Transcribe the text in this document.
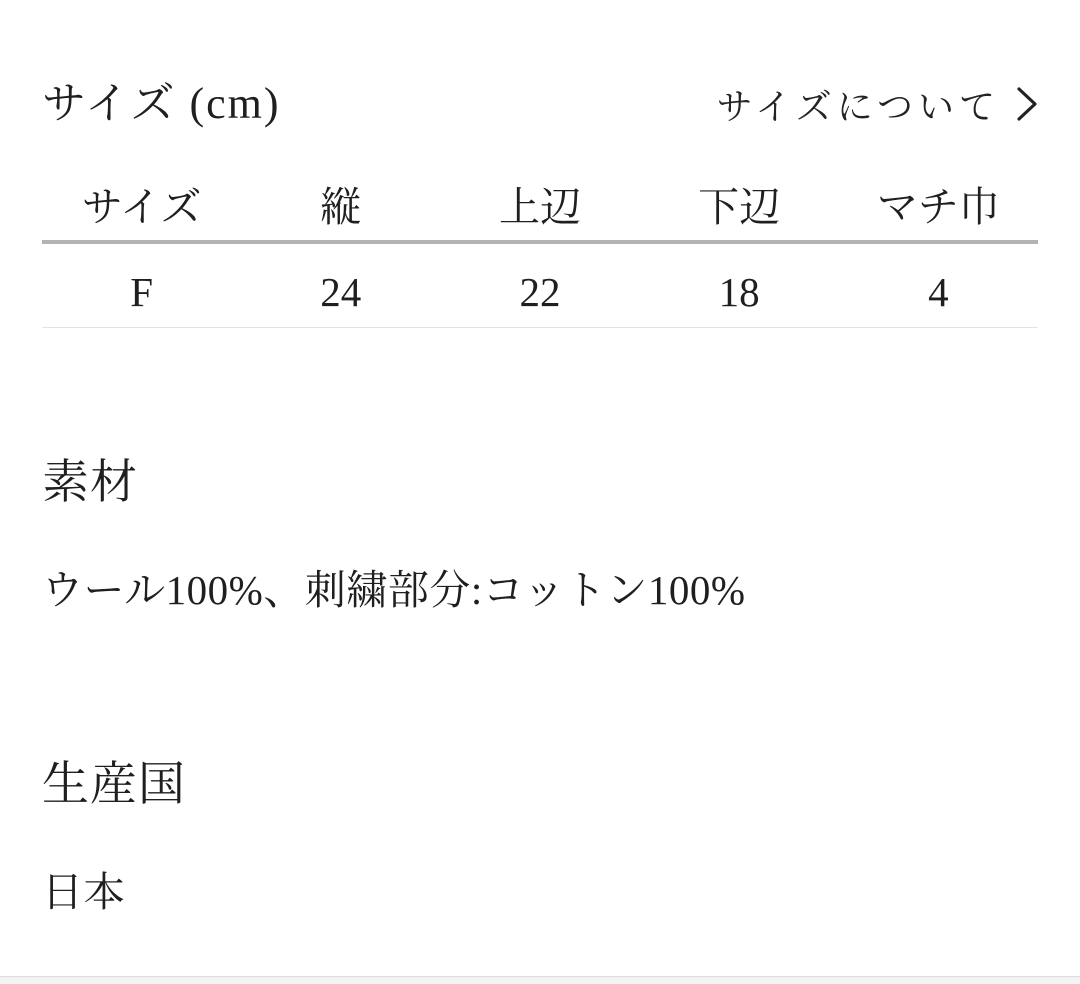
サイズ (cm)	サイズについて
サイズ	縦	上辺	下辺	マチ巾
F	24	22	18	4
素材

ウール100%、刺繍部分:コットン100%

生産国

日本
